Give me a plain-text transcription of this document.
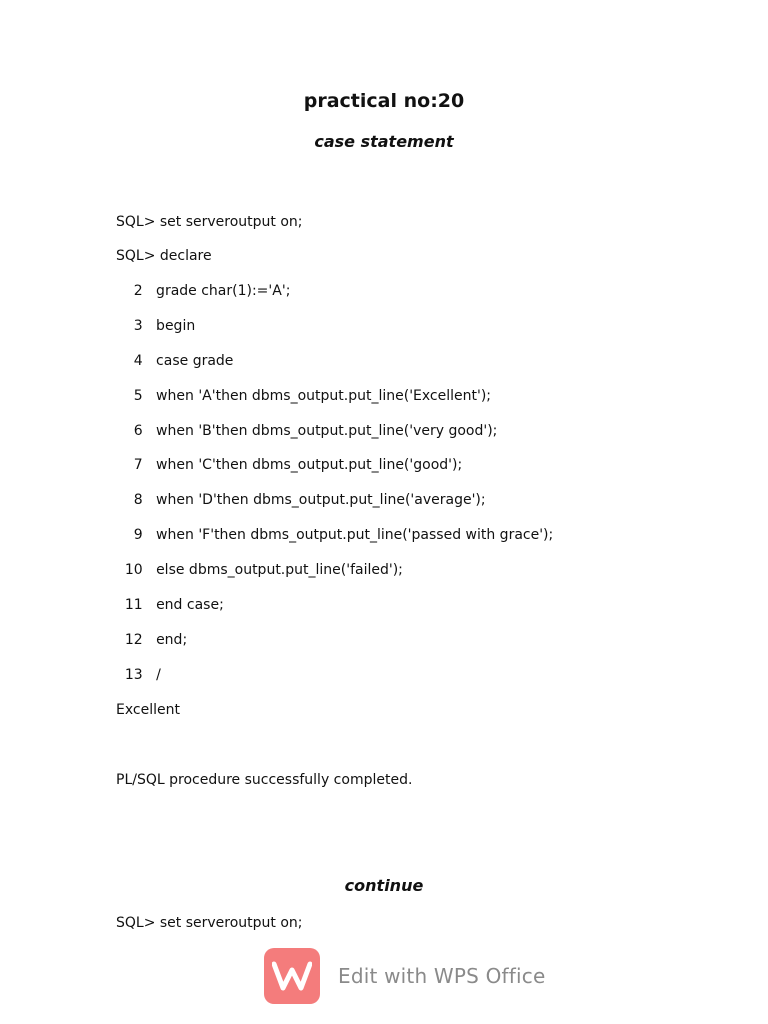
practical no:20
case statement
SQL> set serveroutput on;
SQL> declare
2   grade char(1):='A';
3   begin
4   case grade
5   when 'A'then dbms_output.put_line('Excellent');
6   when 'B'then dbms_output.put_line('very good');
7   when 'C'then dbms_output.put_line('good');
8   when 'D'then dbms_output.put_line('average');
9   when 'F'then dbms_output.put_line('passed with grace');
10   else dbms_output.put_line('failed');
11   end case;
12   end;
13   /
Excellent
PL/SQL procedure successfully completed.
continue
SQL> set serveroutput on;
Edit with WPS Office
